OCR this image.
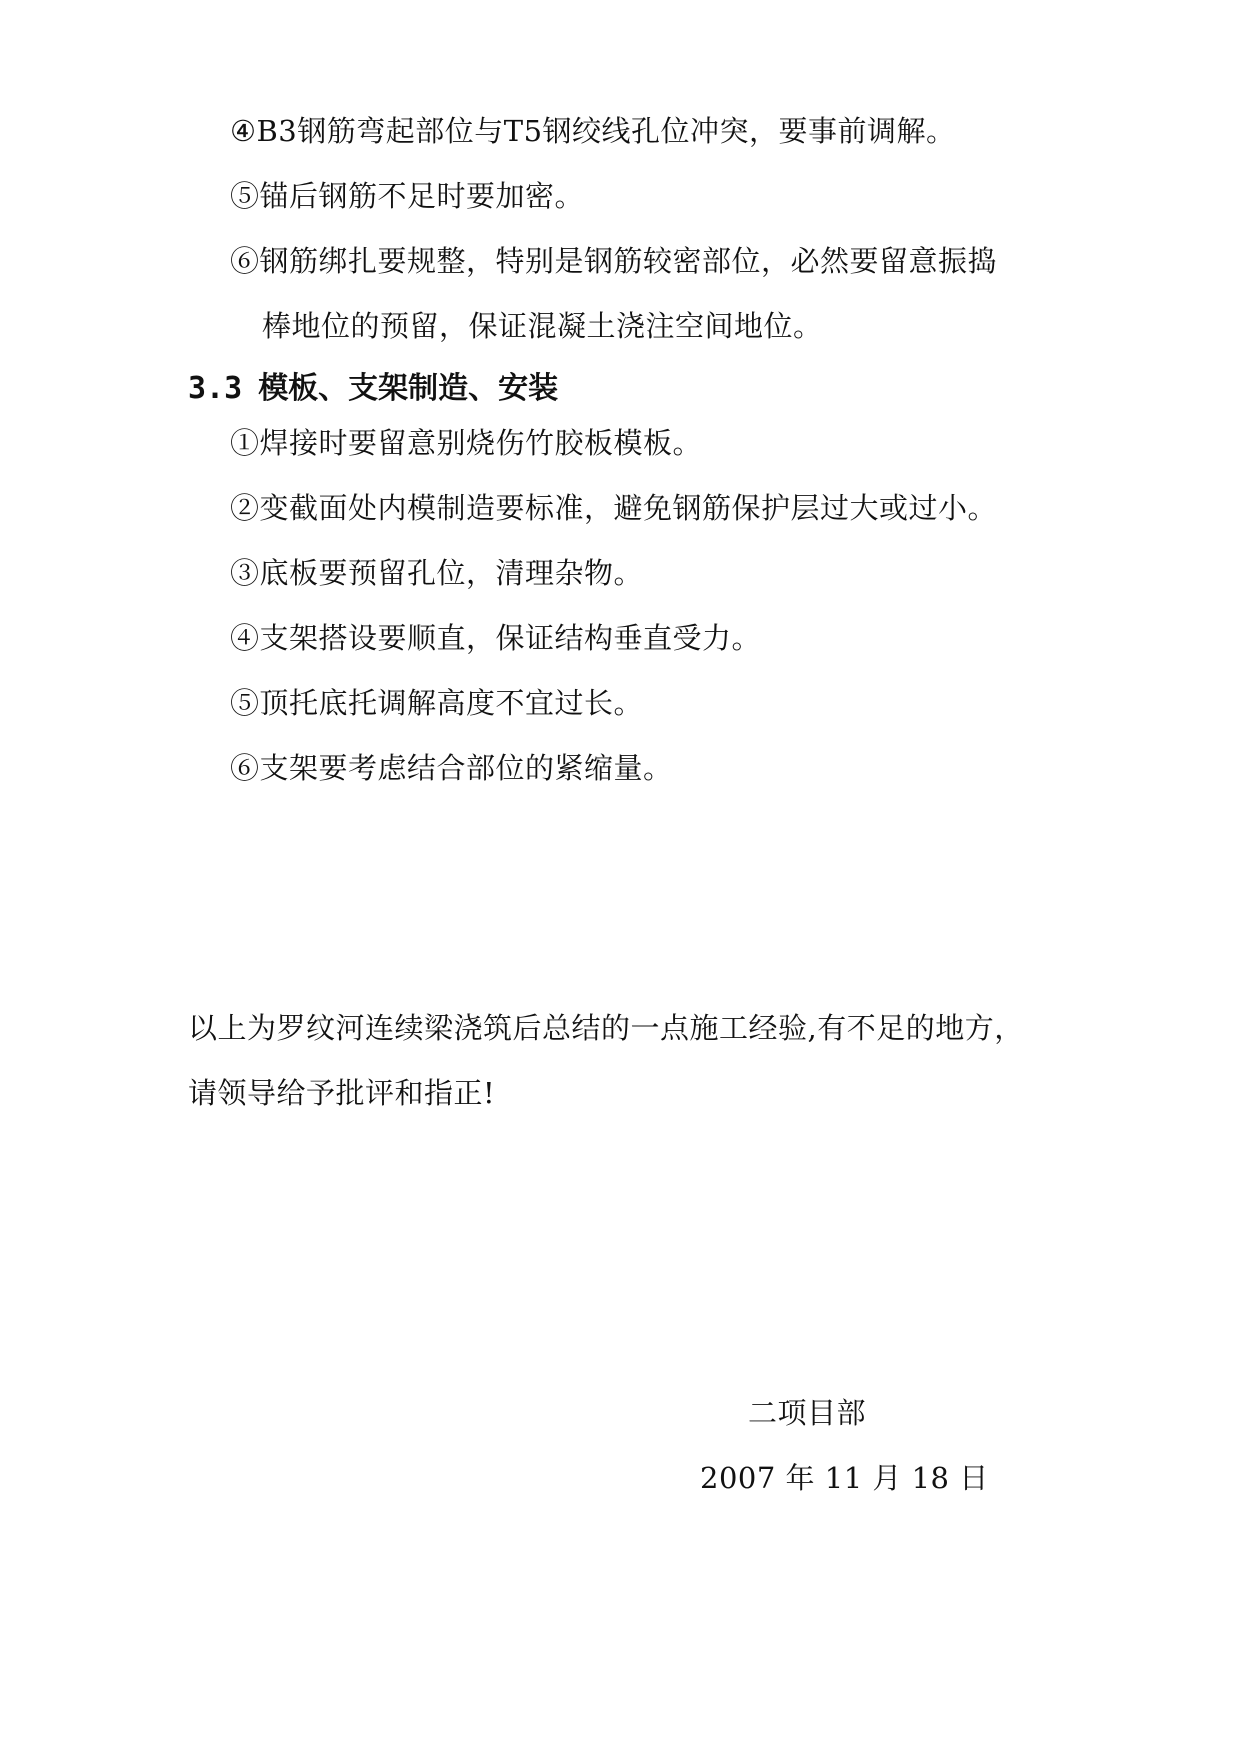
④B3钢筋弯起部位与T5钢绞线孔位冲突，要事前调解。
⑤锚后钢筋不足时要加密。
⑥钢筋绑扎要规整，特别是钢筋较密部位，必然要留意振捣
棒地位的预留，保证混凝土浇注空间地位。
3.3 模板、支架制造、安装
①焊接时要留意别烧伤竹胶板模板。
②变截面处内模制造要标准，避免钢筋保护层过大或过小。
③底板要预留孔位，清理杂物。
④支架搭设要顺直，保证结构垂直受力。
⑤顶托底托调解高度不宜过长。
⑥支架要考虑结合部位的紧缩量。
以上为罗纹河连续梁浇筑后总结的一点施工经验,有不足的地方，
请领导给予批评和指正!
二项目部
2007 年 11 月 18 日
